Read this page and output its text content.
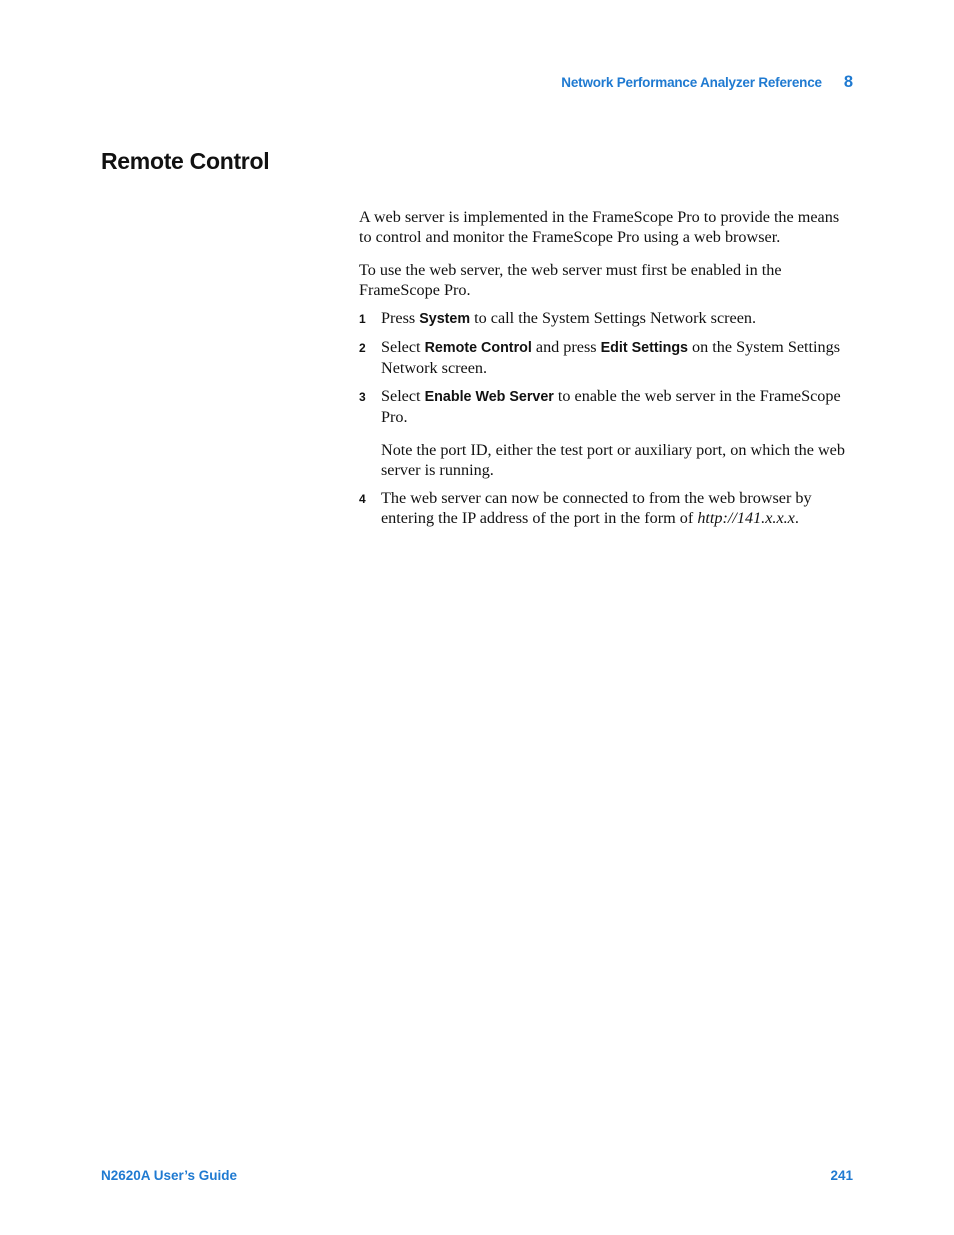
Network Performance Analyzer Reference 8
Remote Control

A web server is implemented in the FrameScope Pro to provide the means to control and monitor the FrameScope Pro using a web browser.

To use the web server, the web server must first be enabled in the FrameScope Pro.

1 Press System to call the System Settings Network screen.
2 Select Remote Control and press Edit Settings on the System Settings Network screen.
3 Select Enable Web Server to enable the web server in the FrameScope Pro.

Note the port ID, either the test port or auxiliary port, on which the web server is running.

4 The web server can now be connected to from the web browser by entering the IP address of the port in the form of http://141.x.x.x.
N2620A User’s Guide	241
